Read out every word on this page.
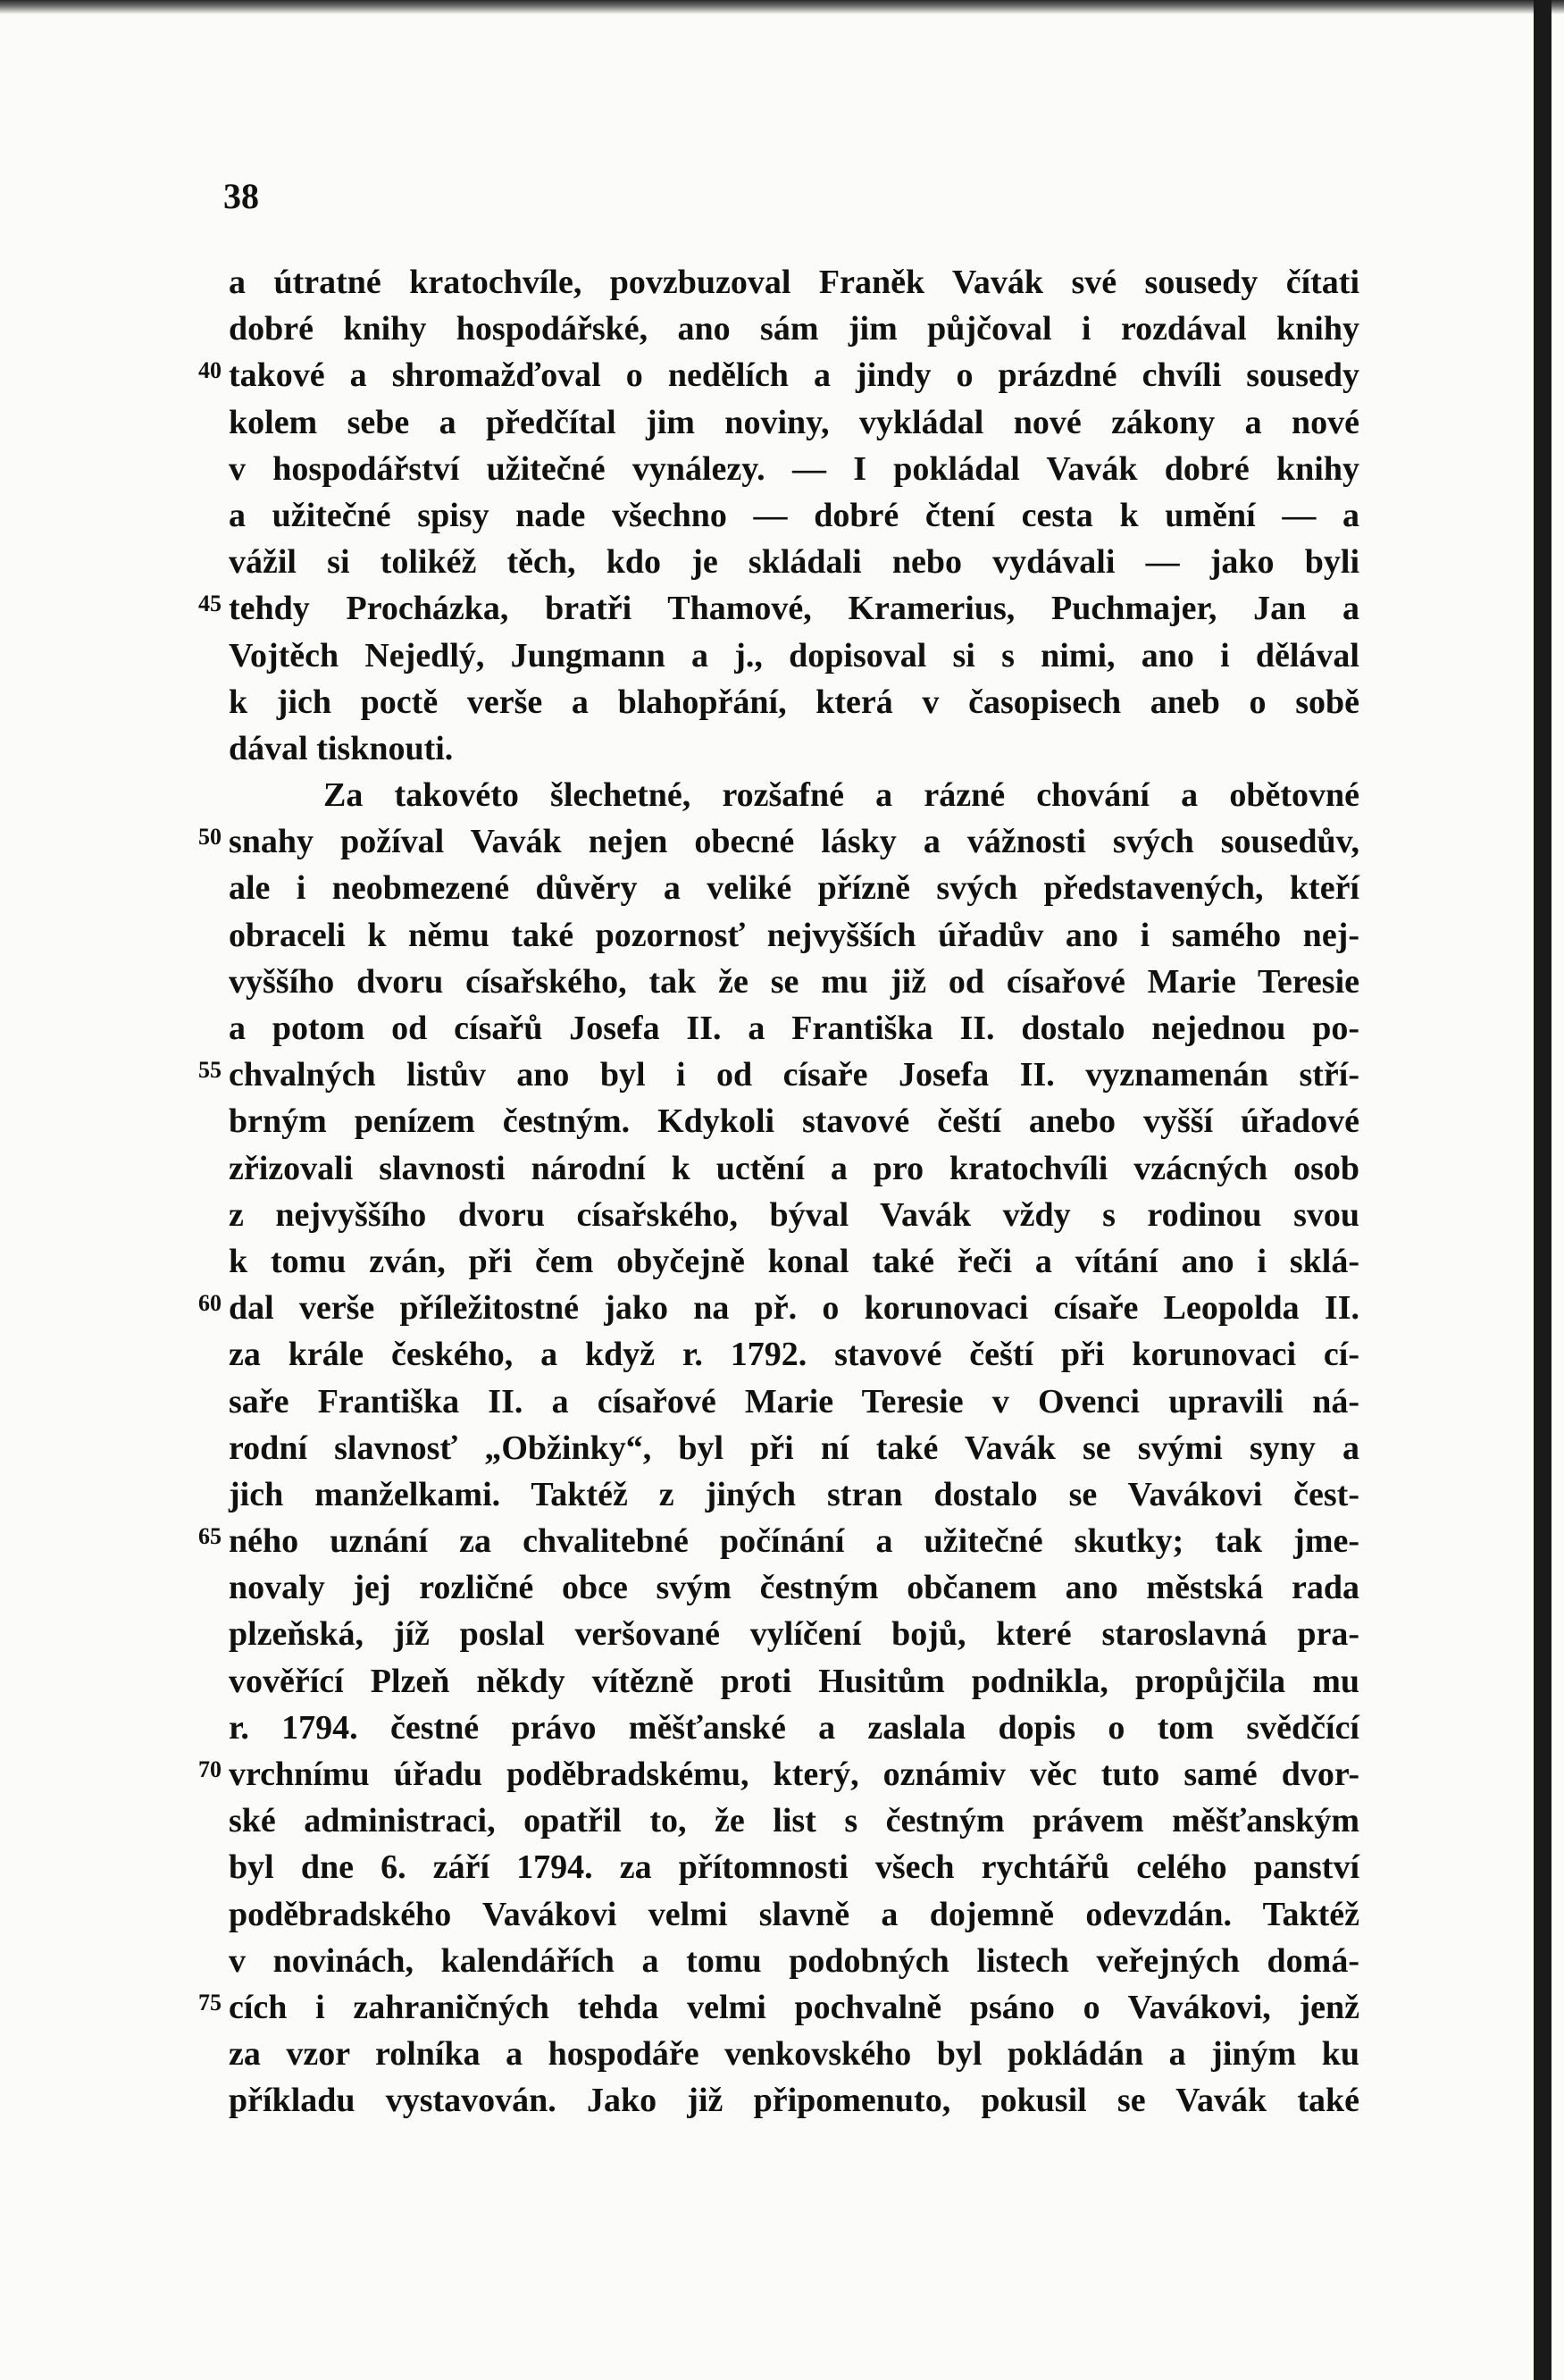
38
a útratné kratochvíle, povzbuzoval Franěk Vavák své sousedy čítati
dobré knihy hospodářské, ano sám jim půjčoval i rozdával knihy
40 takové a shromažďoval o nedělích a jindy o prázdné chvíli sousedy
kolem sebe a předčítal jim noviny, vykládal nové zákony a nové
v hospodářství užitečné vynálezy. — I pokládal Vavák dobré knihy
a užitečné spisy nade všechno — dobré čtení cesta k umění — a
vážil si tolikéž těch, kdo je skládali nebo vydávali — jako byli
45 tehdy Procházka, bratři Thamové, Kramerius, Puchmajer, Jan a
Vojtěch Nejedlý, Jungmann a j., dopisoval si s nimi, ano i dělával
k jich poctě verše a blahopřání, která v časopisech aneb o sobě
dával tisknouti.
Za takovéto šlechetné, rozšafné a rázné chování a obětovné
50 snahy požíval Vavák nejen obecné lásky a vážnosti svých sousedův,
ale i neobmezené důvěry a veliké přízně svých představených, kteří
obraceli k němu také pozornosť nejvyšších úřadův ano i samého nej-
vyššího dvoru císařského, tak že se mu již od císařové Marie Teresie
a potom od císařů Josefa II. a Františka II. dostalo nejednou po-
55 chvalných listův ano byl i od císaře Josefa II. vyznamenán stří-
brným penízem čestným. Kdykoli stavové čeští anebo vyšší úřadové
zřizovali slavnosti národní k uctění a pro kratochvíli vzácných osob
z nejvyššího dvoru císařského, býval Vavák vždy s rodinou svou
k tomu zván, při čem obyčejně konal také řeči a vítání ano i sklá-
60 dal verše příležitostné jako na př. o korunovaci císaře Leopolda II.
za krále českého, a když r. 1792. stavové čeští při korunovaci cí-
saře Františka II. a císařové Marie Teresie v Ovenci upravili ná-
rodní slavnosť „Obžinky“, byl při ní také Vavák se svými syny a
jich manželkami. Taktéž z jiných stran dostalo se Vavákovi čest-
65 ného uznání za chvalitebné počínání a užitečné skutky; tak jme-
novaly jej rozličné obce svým čestným občanem ano městská rada
plzeňská, jíž poslal veršované vylíčení bojů, které staroslavná pra-
vověřící Plzeň někdy vítězně proti Husitům podnikla, propůjčila mu
r. 1794. čestné právo měšťanské a zaslala dopis o tom svědčící
70 vrchnímu úřadu poděbradskému, který, oznámiv věc tuto samé dvor-
ské administraci, opatřil to, že list s čestným právem měšťanským
byl dne 6. září 1794. za přítomnosti všech rychtářů celého panství
poděbradského Vavákovi velmi slavně a dojemně odevzdán. Taktéž
v novinách, kalendářích a tomu podobných listech veřejných domá-
75 cích i zahraničných tehda velmi pochvalně psáno o Vavákovi, jenž
za vzor rolníka a hospodáře venkovského byl pokládán a jiným ku
příkladu vystavován. Jako již připomenuto, pokusil se Vavák také
